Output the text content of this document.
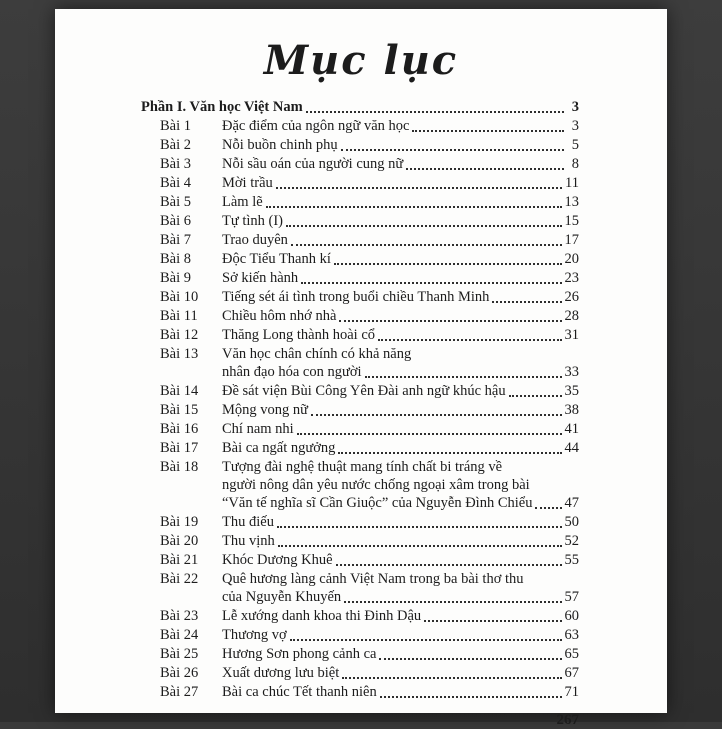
Mục lục
Phần I. Văn học Việt Nam	3
Bài 1	Đặc điểm của ngôn ngữ văn học	3
Bài 2	Nỗi buồn chinh phụ	5
Bài 3	Nỗi sầu oán của người cung nữ	8
Bài 4	Mời trầu	11
Bài 5	Làm lẽ	13
Bài 6	Tự tình (I)	15
Bài 7	Trao duyên	17
Bài 8	Độc Tiểu Thanh kí	20
Bài 9	Sở kiến hành	23
Bài 10	Tiếng sét ái tình trong buổi chiều Thanh Minh	26
Bài 11	Chiều hôm nhớ nhà	28
Bài 12	Thăng Long thành hoài cổ	31
Bài 13	Văn học chân chính có khả năng
nhân đạo hóa con người	33
Bài 14	Đề sát viện Bùi Công Yên Đài anh ngữ khúc hậu	35
Bài 15	Mộng vong nữ	38
Bài 16	Chí nam nhi	41
Bài 17	Bài ca ngất ngưởng	44
Bài 18	Tượng đài nghệ thuật mang tính chất bi tráng về
người nông dân yêu nước chống ngoại xâm trong bài
“Văn tế nghĩa sĩ Cần Giuộc” của Nguyễn Đình Chiểu 47
Bài 19	Thu điếu	50
Bài 20	Thu vịnh	52
Bài 21	Khóc Dương Khuê	55
Bài 22	Quê hương làng cảnh Việt Nam trong ba bài thơ thu
của Nguyễn Khuyến	57
Bài 23	Lễ xướng danh khoa thi Đinh Dậu	60
Bài 24	Thương vợ	63
Bài 25	Hương Sơn phong cảnh ca	65
Bài 26	Xuất dương lưu biệt	67
Bài 27	Bài ca chúc Tết thanh niên	71
267
